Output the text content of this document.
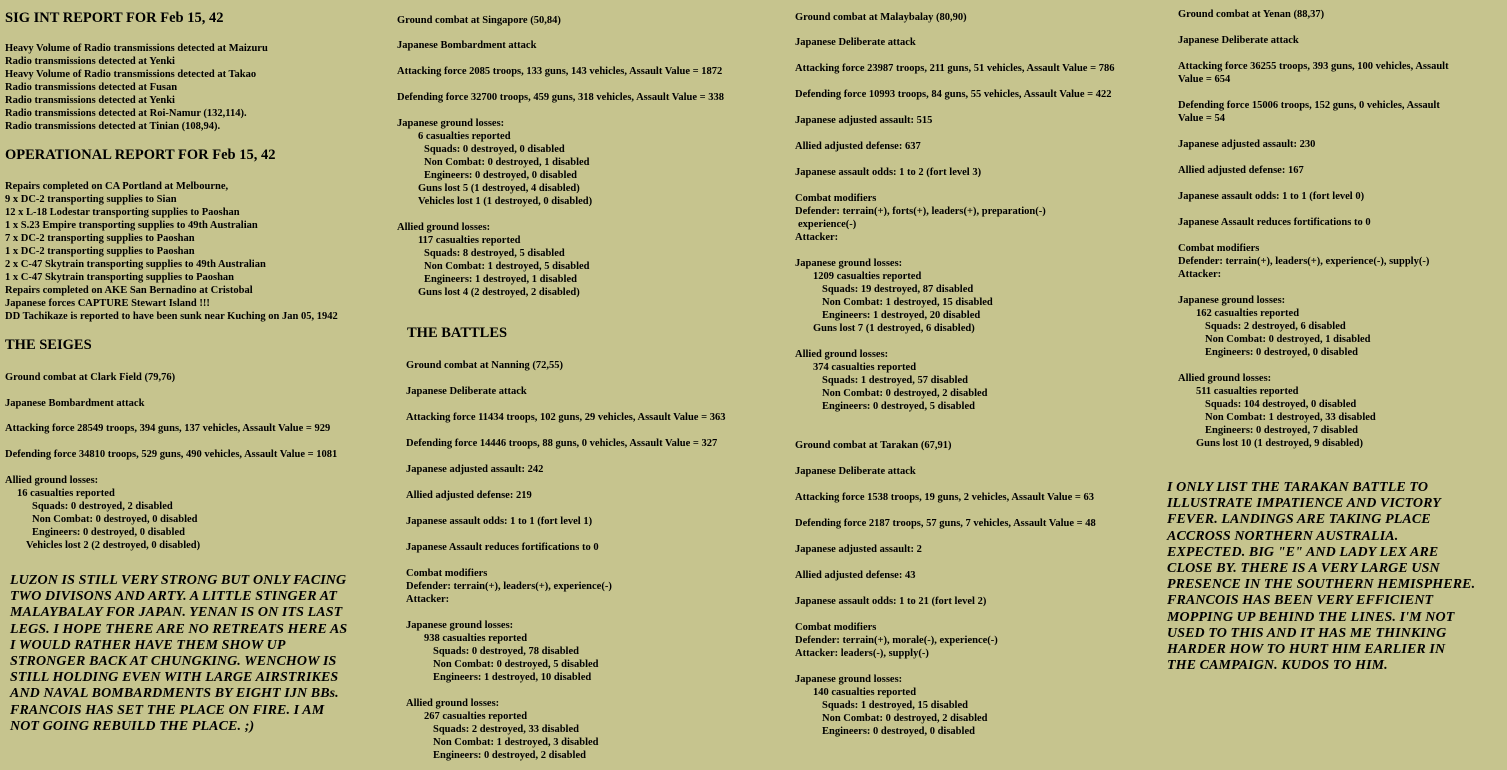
SIG INT REPORT FOR Feb 15, 42
Heavy Volume of Radio transmissions detected at Maizuru
Radio transmissions detected at Yenki
Heavy Volume of Radio transmissions detected at Takao
Radio transmissions detected at Fusan
Radio transmissions detected at Yenki
Radio transmissions detected at Roi-Namur (132,114).
Radio transmissions detected at Tinian (108,94).
OPERATIONAL REPORT FOR Feb 15, 42
Repairs completed on CA Portland at Melbourne,
9 x DC-2 transporting supplies to Sian
12 x L-18 Lodestar transporting supplies to Paoshan
1 x S.23 Empire transporting supplies to 49th Australian
7 x DC-2 transporting supplies to Paoshan
1 x DC-2 transporting supplies to Paoshan
2 x C-47 Skytrain transporting supplies to 49th Australian
1 x C-47 Skytrain transporting supplies to Paoshan
Repairs completed on AKE San Bernadino at Cristobal
Japanese forces CAPTURE Stewart Island !!!
DD Tachikaze is reported to have been sunk near Kuching on Jan 05, 1942
THE SEIGES
Ground combat at Clark Field (79,76)
Japanese Bombardment attack
Attacking force 28549 troops, 394 guns, 137 vehicles, Assault Value = 929
Defending force 34810 troops, 529 guns, 490 vehicles, Assault Value = 1081
Allied ground losses:
16 casualties reported
Squads: 0 destroyed, 2 disabled
Non Combat: 0 destroyed, 0 disabled
Engineers: 0 destroyed, 0 disabled
Vehicles lost 2 (2 destroyed, 0 disabled)
LUZON IS STILL VERY STRONG BUT ONLY FACING
TWO DIVISONS AND ARTY. A LITTLE STINGER AT
MALAYBALAY FOR JAPAN. YENAN IS ON ITS LAST
LEGS. I HOPE THERE ARE NO RETREATS HERE AS
I WOULD RATHER HAVE THEM SHOW UP
STRONGER BACK AT CHUNGKING. WENCHOW IS
STILL HOLDING EVEN WITH LARGE AIRSTRIKES
AND NAVAL BOMBARDMENTS BY EIGHT IJN BBs.
FRANCOIS HAS SET THE PLACE ON FIRE. I AM
NOT GOING REBUILD THE PLACE. ;)
Ground combat at Singapore (50,84)
Japanese Bombardment attack
Attacking force 2085 troops, 133 guns, 143 vehicles, Assault Value = 1872
Defending force 32700 troops, 459 guns, 318 vehicles, Assault Value = 338
Japanese ground losses:
6 casualties reported
Squads: 0 destroyed, 0 disabled
Non Combat: 0 destroyed, 1 disabled
Engineers: 0 destroyed, 0 disabled
Guns lost 5 (1 destroyed, 4 disabled)
Vehicles lost 1 (1 destroyed, 0 disabled)
Allied ground losses:
117 casualties reported
Squads: 8 destroyed, 5 disabled
Non Combat: 1 destroyed, 5 disabled
Engineers: 1 destroyed, 1 disabled
Guns lost 4 (2 destroyed, 2 disabled)
THE BATTLES
Ground combat at Nanning (72,55)
Japanese Deliberate attack
Attacking force 11434 troops, 102 guns, 29 vehicles, Assault Value = 363
Defending force 14446 troops, 88 guns, 0 vehicles, Assault Value = 327
Japanese adjusted assault: 242
Allied adjusted defense: 219
Japanese assault odds: 1 to 1 (fort level 1)
Japanese Assault reduces fortifications to 0
Combat modifiers
Defender: terrain(+), leaders(+), experience(-)
Attacker:
Japanese ground losses:
938 casualties reported
Squads: 0 destroyed, 78 disabled
Non Combat: 0 destroyed, 5 disabled
Engineers: 1 destroyed, 10 disabled
Allied ground losses:
267 casualties reported
Squads: 2 destroyed, 33 disabled
Non Combat: 1 destroyed, 3 disabled
Engineers: 0 destroyed, 2 disabled
Ground combat at Malaybalay (80,90)
Japanese Deliberate attack
Attacking force 23987 troops, 211 guns, 51 vehicles, Assault Value = 786
Defending force 10993 troops, 84 guns, 55 vehicles, Assault Value = 422
Japanese adjusted assault: 515
Allied adjusted defense: 637
Japanese assault odds: 1 to 2 (fort level 3)
Combat modifiers
Defender: terrain(+), forts(+), leaders(+), preparation(-)
experience(-)
Attacker:
Japanese ground losses:
1209 casualties reported
Squads: 19 destroyed, 87 disabled
Non Combat: 1 destroyed, 15 disabled
Engineers: 1 destroyed, 20 disabled
Guns lost 7 (1 destroyed, 6 disabled)
Allied ground losses:
374 casualties reported
Squads: 1 destroyed, 57 disabled
Non Combat: 0 destroyed, 2 disabled
Engineers: 0 destroyed, 5 disabled
Ground combat at Tarakan (67,91)
Japanese Deliberate attack
Attacking force 1538 troops, 19 guns, 2 vehicles, Assault Value = 63
Defending force 2187 troops, 57 guns, 7 vehicles, Assault Value = 48
Japanese adjusted assault: 2
Allied adjusted defense: 43
Japanese assault odds: 1 to 21 (fort level 2)
Combat modifiers
Defender: terrain(+), morale(-), experience(-)
Attacker: leaders(-), supply(-)
Japanese ground losses:
140 casualties reported
Squads: 1 destroyed, 15 disabled
Non Combat: 0 destroyed, 2 disabled
Engineers: 0 destroyed, 0 disabled
Ground combat at Yenan (88,37)
Japanese Deliberate attack
Attacking force 36255 troops, 393 guns, 100 vehicles, Assault
Value = 654
Defending force 15006 troops, 152 guns, 0 vehicles, Assault
Value = 54
Japanese adjusted assault: 230
Allied adjusted defense: 167
Japanese assault odds: 1 to 1 (fort level 0)
Japanese Assault reduces fortifications to 0
Combat modifiers
Defender: terrain(+), leaders(+), experience(-), supply(-)
Attacker:
Japanese ground losses:
162 casualties reported
Squads: 2 destroyed, 6 disabled
Non Combat: 0 destroyed, 1 disabled
Engineers: 0 destroyed, 0 disabled
Allied ground losses:
511 casualties reported
Squads: 104 destroyed, 0 disabled
Non Combat: 1 destroyed, 33 disabled
Engineers: 0 destroyed, 7 disabled
Guns lost 10 (1 destroyed, 9 disabled)
I ONLY LIST THE TARAKAN BATTLE TO
ILLUSTRATE IMPATIENCE AND VICTORY
FEVER. LANDINGS ARE TAKING PLACE
ACCROSS NORTHERN AUSTRALIA.
EXPECTED. BIG "E" AND LADY LEX ARE
CLOSE BY. THERE IS A VERY LARGE USN
PRESENCE IN THE SOUTHERN HEMISPHERE.
FRANCOIS HAS BEEN VERY EFFICIENT
MOPPING UP BEHIND THE LINES. I'M NOT
USED TO THIS AND IT HAS ME THINKING
HARDER HOW TO HURT HIM EARLIER IN
THE CAMPAIGN. KUDOS TO HIM.
